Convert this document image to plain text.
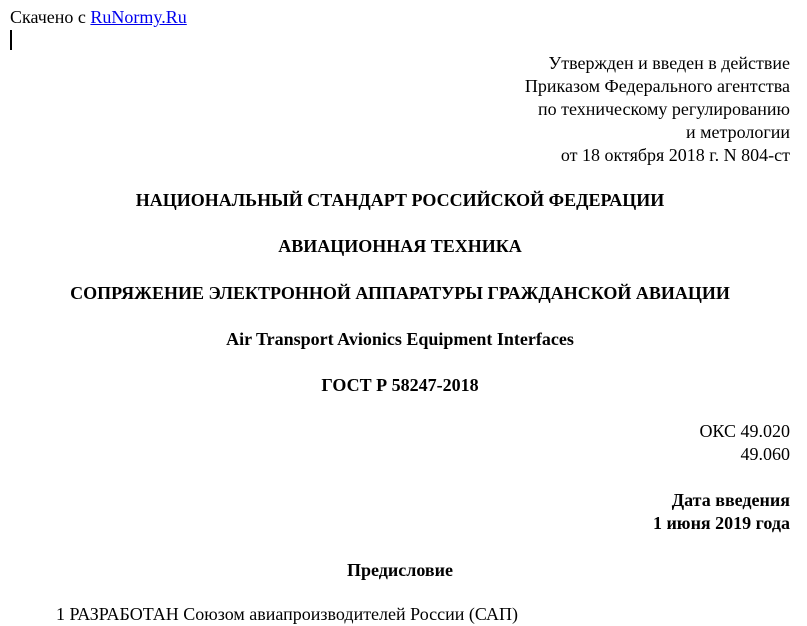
Скачено с RuNormy.Ru
Утвержден и введен в действие
Приказом Федерального агентства
по техническому регулированию
и метрологии
от 18 октября 2018 г. N 804-ст
НАЦИОНАЛЬНЫЙ СТАНДАРТ РОССИЙСКОЙ ФЕДЕРАЦИИ
АВИАЦИОННАЯ ТЕХНИКА
СОПРЯЖЕНИЕ ЭЛЕКТРОННОЙ АППАРАТУРЫ ГРАЖДАНСКОЙ АВИАЦИИ
Air Transport Avionics Equipment Interfaces
ГОСТ Р 58247-2018
ОКС 49.020
49.060
Дата введения
1 июня 2019 года
Предисловие
1 РАЗРАБОТАН Союзом авиапроизводителей России (САП)
